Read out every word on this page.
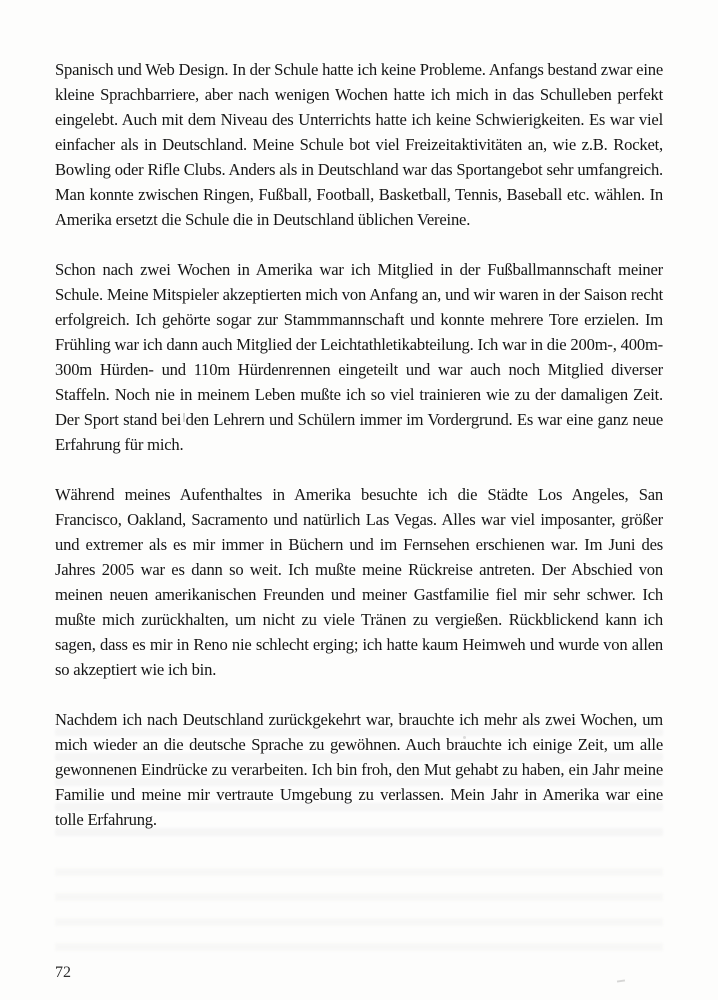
Spanisch und Web Design. In der Schule hatte ich keine Probleme. Anfangs bestand zwar eine kleine Sprachbarriere, aber nach wenigen Wochen hatte ich mich in das Schulleben perfekt eingelebt. Auch mit dem Niveau des Unterrichts hatte ich keine Schwierigkeiten. Es war viel einfacher als in Deutschland. Meine Schule bot viel Freizeitaktivitäten an, wie z.B. Rocket, Bowling oder Rifle Clubs. Anders als in Deutschland war das Sportangebot sehr umfangreich. Man konnte zwischen Ringen, Fußball, Football, Basketball, Tennis, Baseball etc. wählen. In Amerika ersetzt die Schule die in Deutschland üblichen Vereine.

Schon nach zwei Wochen in Amerika war ich Mitglied in der Fußballmannschaft meiner Schule. Meine Mitspieler akzeptierten mich von Anfang an, und wir waren in der Saison recht erfolgreich. Ich gehörte sogar zur Stammmannschaft und konnte mehrere Tore erzielen. Im Frühling war ich dann auch Mitglied der Leichtathletikabteilung. Ich war in die 200m-, 400m- 300m Hürden- und 110m Hürdenrennen eingeteilt und war auch noch Mitglied diverser Staffeln. Noch nie in meinem Leben mußte ich so viel trainieren wie zu der damaligen Zeit. Der Sport stand bei den Lehrern und Schülern immer im Vordergrund. Es war eine ganz neue Erfahrung für mich.

Während meines Aufenthaltes in Amerika besuchte ich die Städte Los Angeles, San Francisco, Oakland, Sacramento und natürlich Las Vegas. Alles war viel imposanter, größer und extremer als es mir immer in Büchern und im Fernsehen erschienen war. Im Juni des Jahres 2005 war es dann so weit. Ich mußte meine Rückreise antreten. Der Abschied von meinen neuen amerikanischen Freunden und meiner Gastfamilie fiel mir sehr schwer. Ich mußte mich zurückhalten, um nicht zu viele Tränen zu vergießen. Rückblickend kann ich sagen, dass es mir in Reno nie schlecht erging; ich hatte kaum Heimweh und wurde von allen so akzeptiert wie ich bin.

Nachdem ich nach Deutschland zurückgekehrt war, brauchte ich mehr als zwei Wochen, um mich wieder an die deutsche Sprache zu gewöhnen. Auch brauchte ich einige Zeit, um alle gewonnenen Eindrücke zu verarbeiten. Ich bin froh, den Mut gehabt zu haben, ein Jahr meine Familie und meine mir vertraute Umgebung zu verlassen. Mein Jahr in Amerika war eine tolle Erfahrung.

72
